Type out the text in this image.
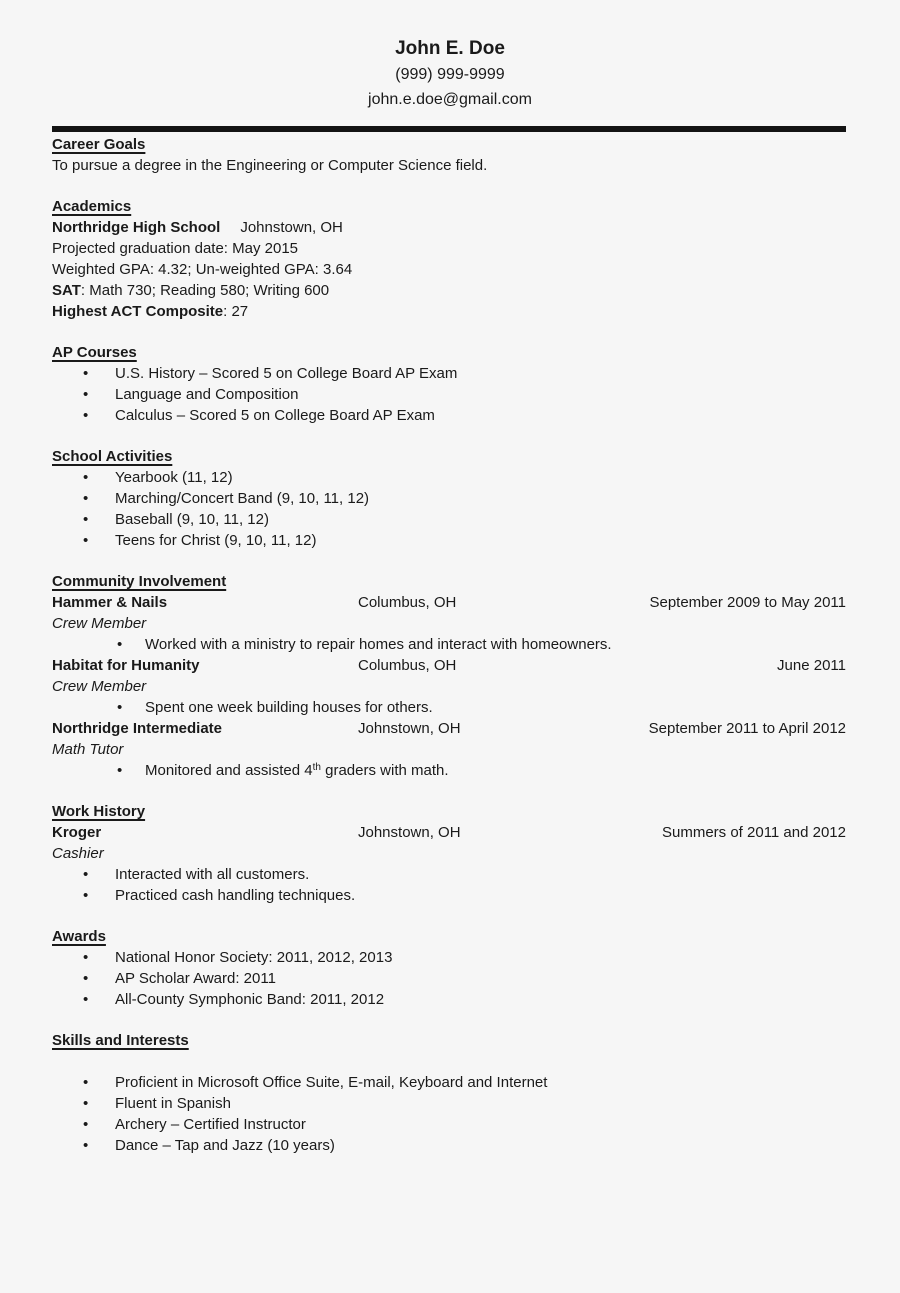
John E. Doe
(999) 999-9999
john.e.doe@gmail.com
Career Goals

To pursue a degree in the Engineering or Computer Science field.

Academics
Northridge High School Johnstown, OH
Projected graduation date: May 2015
Weighted GPA: 4.32; Un-weighted GPA: 3.64
SAT: Math 730; Reading 580; Writing 600
Highest ACT Composite: 27
AP Courses
• U.S. History – Scored 5 on College Board AP Exam
• Language and Composition
• Calculus – Scored 5 on College Board AP Exam
School Activities
• Yearbook (11, 12)
• Marching/Concert Band (9, 10, 11, 12)
• Baseball (9, 10, 11, 12)
• Teens for Christ (9, 10, 11, 12)
Community Involvement
Hammer & Nails	Columbus, OH	September 2009 to May 2011
Crew Member
• Worked with a ministry to repair homes and interact with homeowners.
Habitat for Humanity	Columbus, OH	June 2011
Crew Member
• Spent one week building houses for others.
Northridge Intermediate	Johnstown, OH	September 2011 to April 2012
Math Tutor
• Monitored and assisted 4th graders with math.
Work History
Kroger	Johnstown, OH	Summers of 2011 and 2012
Cashier
• Interacted with all customers.
• Practiced cash handling techniques.
Awards
• National Honor Society: 2011, 2012, 2013
• AP Scholar Award: 2011
• All-County Symphonic Band: 2011, 2012
Skills and Interests
• Proficient in Microsoft Office Suite, E-mail, Keyboard and Internet
• Fluent in Spanish
• Archery – Certified Instructor
• Dance – Tap and Jazz (10 years)
